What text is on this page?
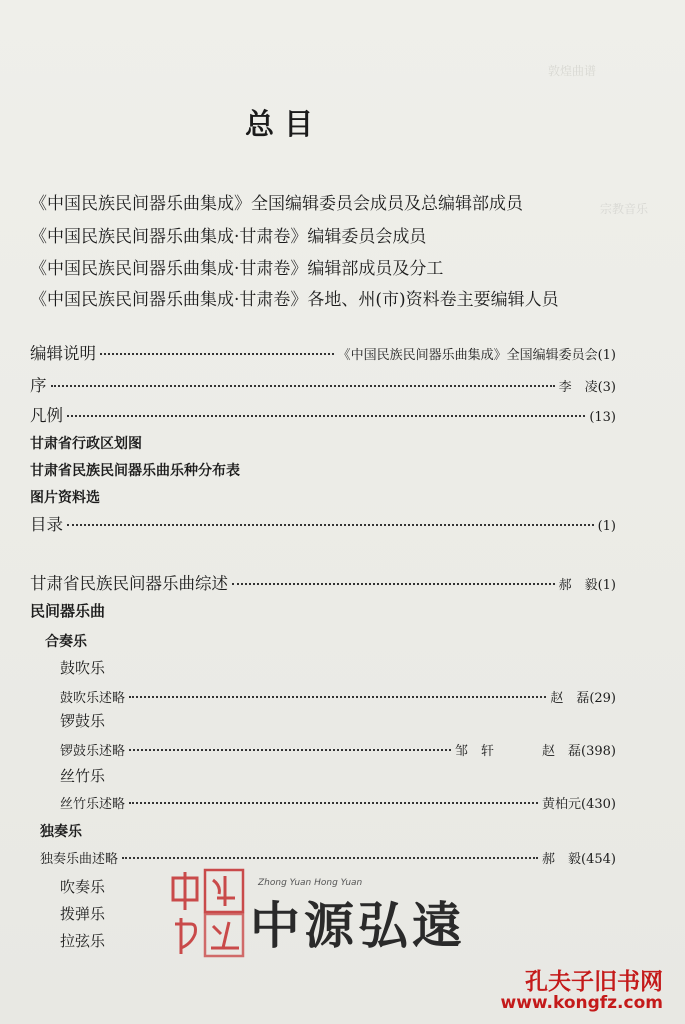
敦煌曲谱
宗教音乐
总 目
《中国民族民间器乐曲集成》全国编辑委员会成员及总编辑部成员
《中国民族民间器乐曲集成·甘肃卷》编辑委员会成员
《中国民族民间器乐曲集成·甘肃卷》编辑部成员及分工
《中国民族民间器乐曲集成·甘肃卷》各地、州(市)资料卷主要编辑人员
编辑说明	《中国民族民间器乐曲集成》全国编辑委员会(1)
序	李　凌(3)
凡例	(13)
甘肃省行政区划图
甘肃省民族民间器乐曲乐种分布表
图片资料选
目录	(1)
甘肃省民族民间器乐曲综述	郝　毅(1)
民间器乐曲
合奏乐
鼓吹乐
鼓吹乐述略	赵　磊(29)
锣鼓乐
锣鼓乐述略	邹　轩	赵　磊(398)
丝竹乐
丝竹乐述略	黄柏元(430)
独奏乐
独奏乐曲述略	郝　毅(454)
吹奏乐
拨弹乐
拉弦乐
Zhong Yuan Hong Yuan
中源弘遠
孔夫子旧书网
www.kongfz.com
